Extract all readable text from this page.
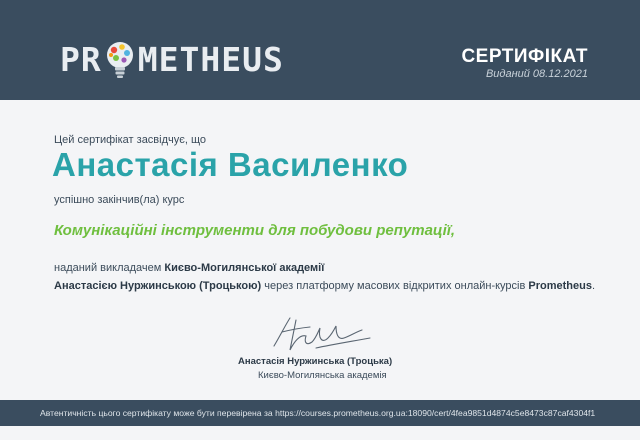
PR METHEUS	СЕРТИФІКАТ
Виданий 08.12.2021
Цей сертифікат засвідчує, що
Анастасія Василенко
успішно закінчив(ла) курс
Комунікаційні інструменти для побудови репутації,
наданий викладачем Києво-Могилянської академії
Анастасією Нуржинською (Троцькою) через платформу масових відкритих онлайн-курсів Prometheus.
Анастасія Нуржинська (Троцька)
Києво-Могилянська академія
Автентичність цього сертифікату може бути перевірена за https://courses.prometheus.org.ua:18090/cert/4fea9851d4874c5e8473c87caf4304f1
